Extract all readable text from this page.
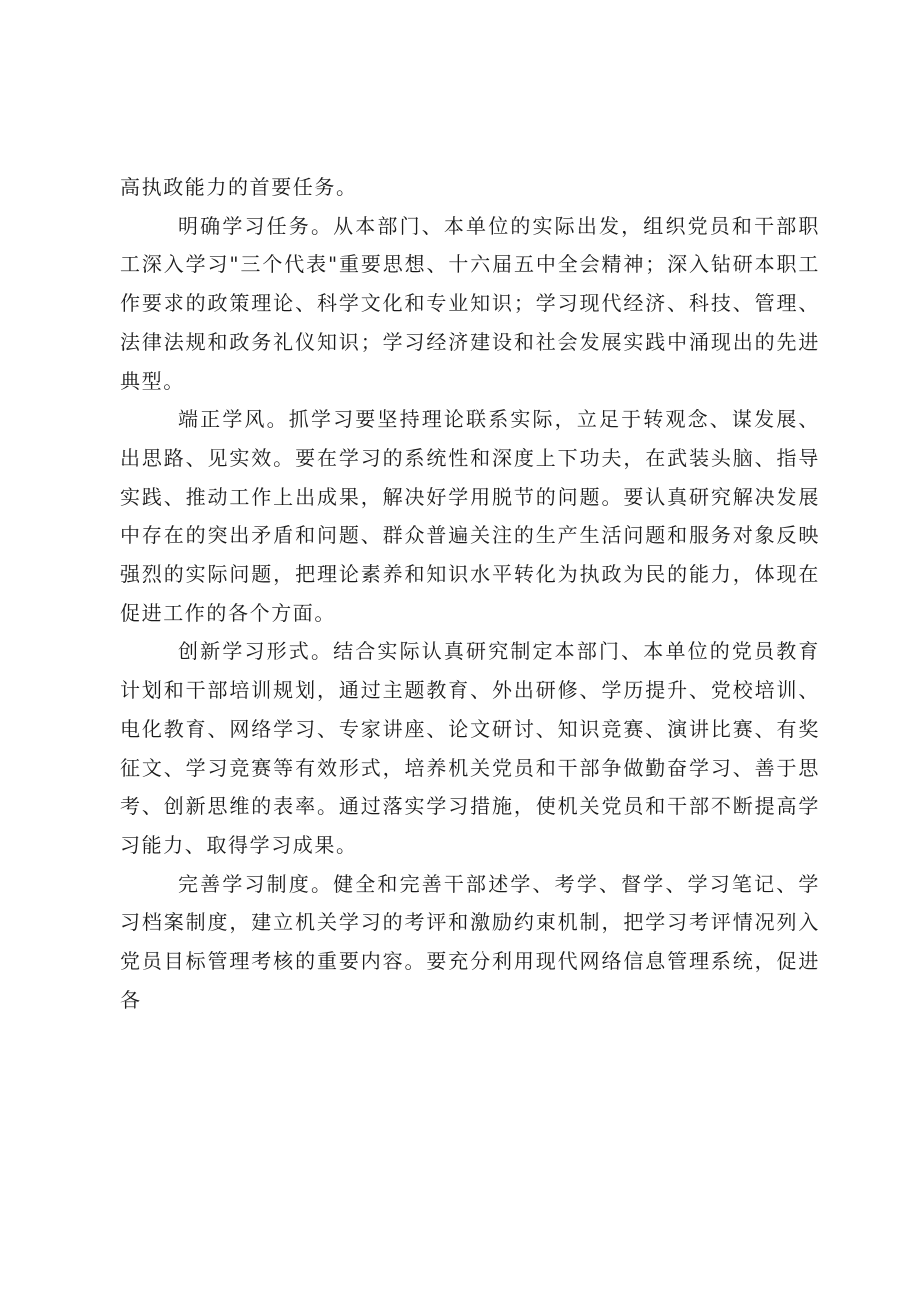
高执政能力的首要任务。

明确学习任务。从本部门、本单位的实际出发，组织党员和干部职工深入学习"三个代表"重要思想、十六届五中全会精神；深入钻研本职工作要求的政策理论、科学文化和专业知识；学习现代经济、科技、管理、法律法规和政务礼仪知识；学习经济建设和社会发展实践中涌现出的先进典型。

端正学风。抓学习要坚持理论联系实际，立足于转观念、谋发展、出思路、见实效。要在学习的系统性和深度上下功夫，在武装头脑、指导实践、推动工作上出成果，解决好学用脱节的问题。要认真研究解决发展中存在的突出矛盾和问题、群众普遍关注的生产生活问题和服务对象反映强烈的实际问题，把理论素养和知识水平转化为执政为民的能力，体现在促进工作的各个方面。

创新学习形式。结合实际认真研究制定本部门、本单位的党员教育计划和干部培训规划，通过主题教育、外出研修、学历提升、党校培训、电化教育、网络学习、专家讲座、论文研讨、知识竞赛、演讲比赛、有奖征文、学习竞赛等有效形式，培养机关党员和干部争做勤奋学习、善于思考、创新思维的表率。通过落实学习措施，使机关党员和干部不断提高学习能力、取得学习成果。

完善学习制度。健全和完善干部述学、考学、督学、学习笔记、学习档案制度，建立机关学习的考评和激励约束机制，把学习考评情况列入党员目标管理考核的重要内容。要充分利用现代网络信息管理系统，促进各
